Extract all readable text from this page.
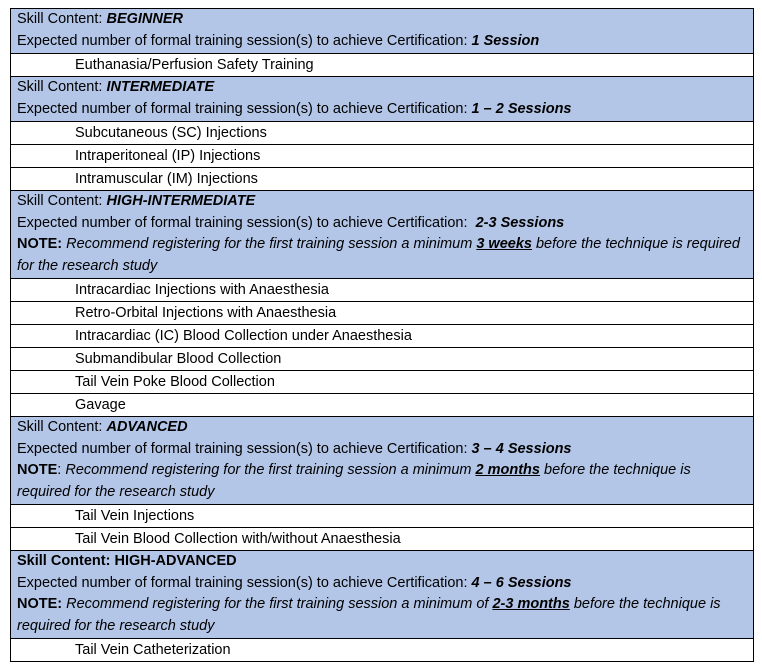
Skill Content: BEGINNER
Expected number of formal training session(s) to achieve Certification: 1 Session
Euthanasia/Perfusion Safety Training
Skill Content: INTERMEDIATE
Expected number of formal training session(s) to achieve Certification: 1 – 2 Sessions
Subcutaneous (SC) Injections
Intraperitoneal (IP) Injections
Intramuscular (IM) Injections
Skill Content: HIGH-INTERMEDIATE
Expected number of formal training session(s) to achieve Certification:  2-3 Sessions
NOTE: Recommend registering for the first training session a minimum 3 weeks before the technique is required for the research study
Intracardiac Injections with Anaesthesia
Retro-Orbital Injections with Anaesthesia
Intracardiac (IC) Blood Collection under Anaesthesia
Submandibular Blood Collection
Tail Vein Poke Blood Collection
Gavage
Skill Content: ADVANCED
Expected number of formal training session(s) to achieve Certification: 3 – 4 Sessions
NOTE: Recommend registering for the first training session a minimum 2 months before the technique is required for the research study
Tail Vein Injections
Tail Vein Blood Collection with/without Anaesthesia
Skill Content: HIGH-ADVANCED
Expected number of formal training session(s) to achieve Certification: 4 – 6 Sessions
NOTE: Recommend registering for the first training session a minimum of 2-3 months before the technique is required for the research study
Tail Vein Catheterization
